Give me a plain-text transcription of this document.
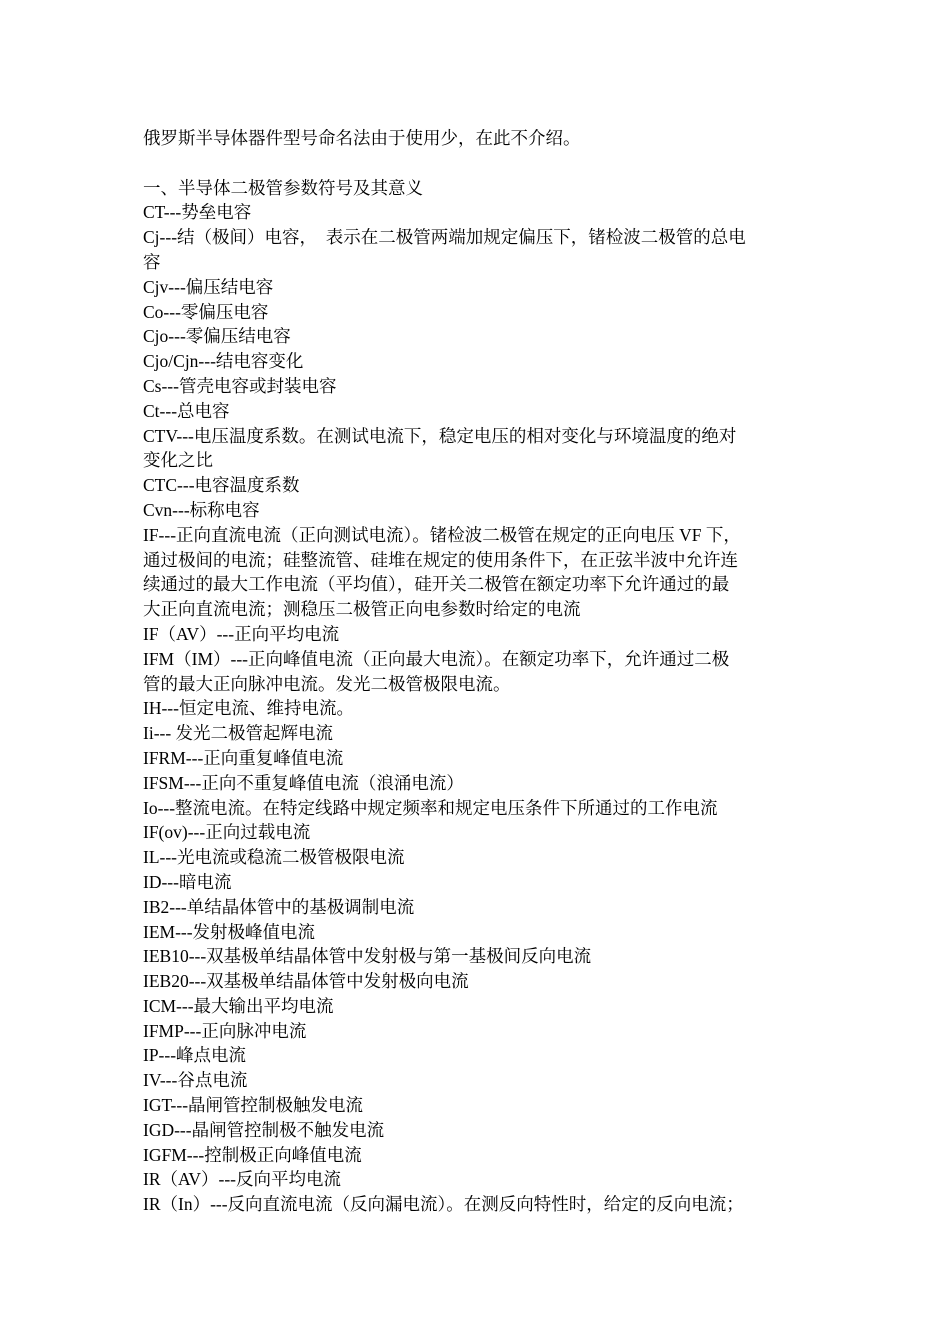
俄罗斯半导体器件型号命名法由于使用少，在此不介绍。

一、半导体二极管参数符号及其意义

CT---势垒电容
Cj---结（极间）电容，  表示在二极管两端加规定偏压下，锗检波二极管的总电
容
Cjv---偏压结电容
Co---零偏压电容
Cjo---零偏压结电容
Cjo/Cjn---结电容变化
Cs---管壳电容或封装电容
Ct---总电容
CTV---电压温度系数。在测试电流下，稳定电压的相对变化与环境温度的绝对
变化之比
CTC---电容温度系数
Cvn---标称电容
IF---正向直流电流（正向测试电流）。锗检波二极管在规定的正向电压 VF 下，
通过极间的电流；硅整流管、硅堆在规定的使用条件下，在正弦半波中允许连
续通过的最大工作电流（平均值），硅开关二极管在额定功率下允许通过的最
大正向直流电流；测稳压二极管正向电参数时给定的电流
IF（AV）---正向平均电流
IFM（IM）---正向峰值电流（正向最大电流）。在额定功率下，允许通过二极
管的最大正向脉冲电流。发光二极管极限电流。
IH---恒定电流、维持电流。
Ii--- 发光二极管起辉电流
IFRM---正向重复峰值电流
IFSM---正向不重复峰值电流（浪涌电流）
Io---整流电流。在特定线路中规定频率和规定电压条件下所通过的工作电流
IF(ov)---正向过载电流
IL---光电流或稳流二极管极限电流
ID---暗电流
IB2---单结晶体管中的基极调制电流
IEM---发射极峰值电流
IEB10---双基极单结晶体管中发射极与第一基极间反向电流
IEB20---双基极单结晶体管中发射极向电流
ICM---最大输出平均电流
IFMP---正向脉冲电流
IP---峰点电流
IV---谷点电流
IGT---晶闸管控制极触发电流
IGD---晶闸管控制极不触发电流
IGFM---控制极正向峰值电流
IR（AV）---反向平均电流
IR（In）---反向直流电流（反向漏电流）。在测反向特性时，给定的反向电流；
